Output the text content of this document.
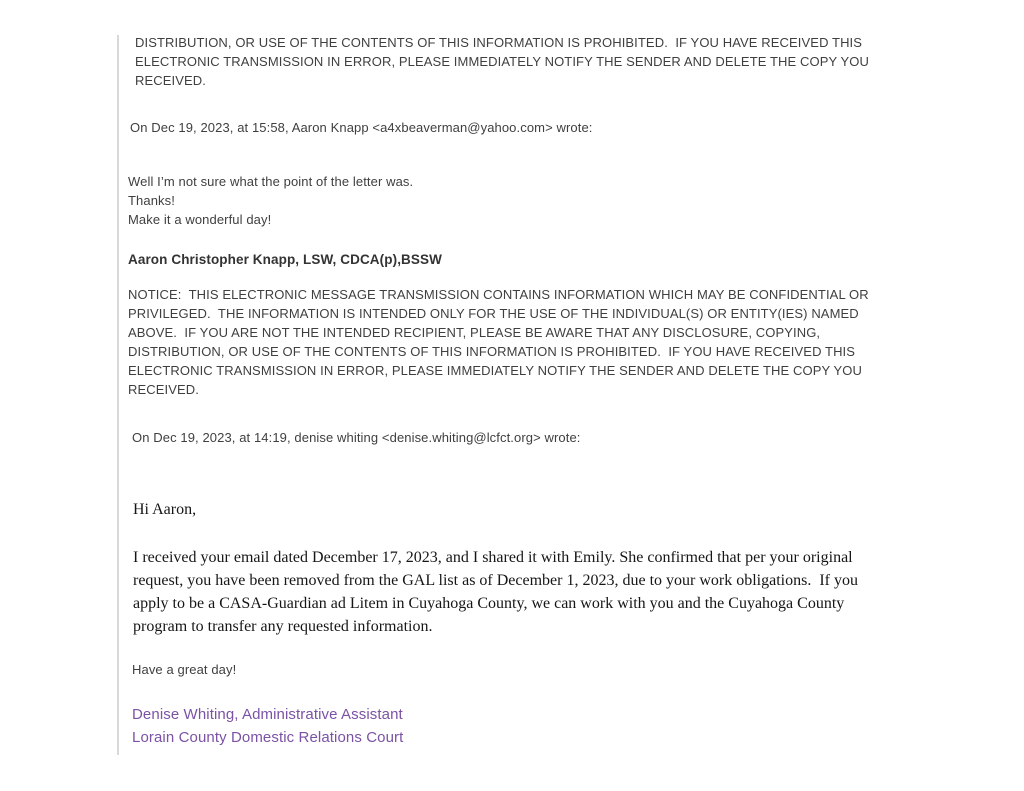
DISTRIBUTION, OR USE OF THE CONTENTS OF THIS INFORMATION IS PROHIBITED.  IF YOU HAVE RECEIVED THIS
ELECTRONIC TRANSMISSION IN ERROR, PLEASE IMMEDIATELY NOTIFY THE SENDER AND DELETE THE COPY YOU
RECEIVED.
On Dec 19, 2023, at 15:58, Aaron Knapp <a4xbeaverman@yahoo.com> wrote:
Well I’m not sure what the point of the letter was.
Thanks!
Make it a wonderful day!
Aaron Christopher Knapp, LSW, CDCA(p),BSSW
NOTICE:  THIS ELECTRONIC MESSAGE TRANSMISSION CONTAINS INFORMATION WHICH MAY BE CONFIDENTIAL OR
PRIVILEGED.  THE INFORMATION IS INTENDED ONLY FOR THE USE OF THE INDIVIDUAL(S) OR ENTITY(IES) NAMED
ABOVE.  IF YOU ARE NOT THE INTENDED RECIPIENT, PLEASE BE AWARE THAT ANY DISCLOSURE, COPYING,
DISTRIBUTION, OR USE OF THE CONTENTS OF THIS INFORMATION IS PROHIBITED.  IF YOU HAVE RECEIVED THIS
ELECTRONIC TRANSMISSION IN ERROR, PLEASE IMMEDIATELY NOTIFY THE SENDER AND DELETE THE COPY YOU
RECEIVED.
On Dec 19, 2023, at 14:19, denise whiting <denise.whiting@lcfct.org> wrote:
Hi Aaron,
I received your email dated December 17, 2023, and I shared it with Emily. She confirmed that per your original
request, you have been removed from the GAL list as of December 1, 2023, due to your work obligations.  If you
apply to be a CASA-Guardian ad Litem in Cuyahoga County, we can work with you and the Cuyahoga County
program to transfer any requested information.
Have a great day!
Denise Whiting, Administrative Assistant
Lorain County Domestic Relations Court
